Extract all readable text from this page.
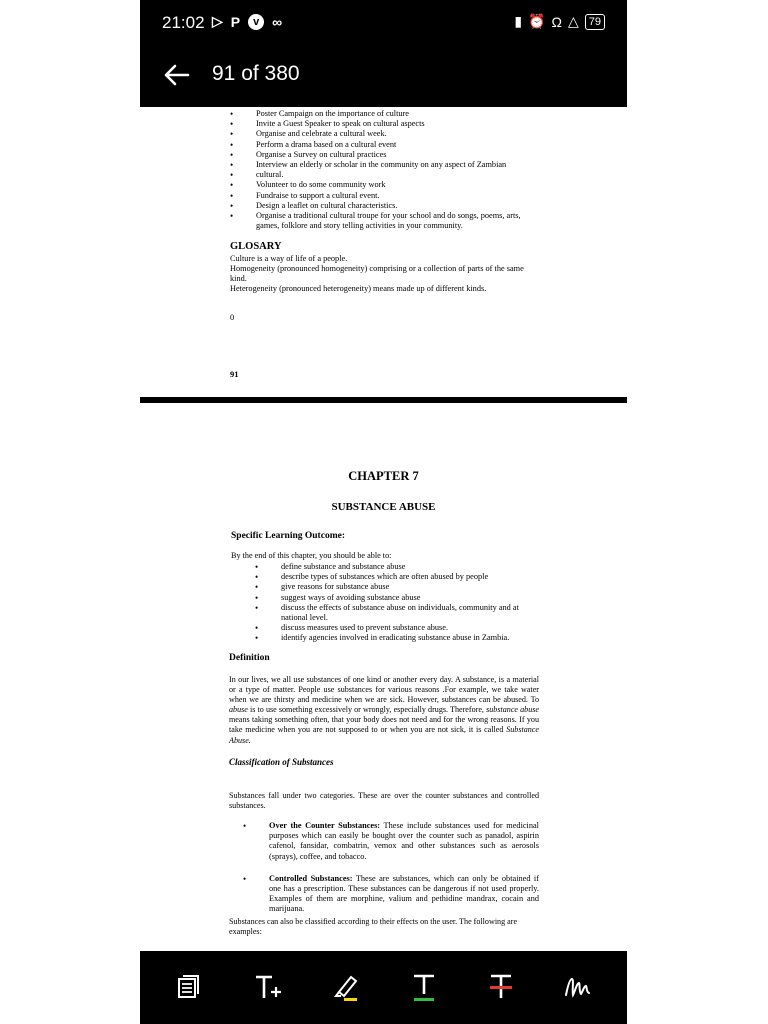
21:02 ▷ P	v ∞	▮ ⏰ Ω △ 79
91 of 380
• Poster Campaign on the importance of culture
• Invite a Guest Speaker to speak on cultural aspects
• Organise and celebrate a cultural week.
• Perform a drama based on a cultural event
• Organise a Survey on cultural practices
• Interview an elderly or scholar in the community on any aspect of Zambian
• cultural.
• Volunteer to do some community work
• Fundraise to support a cultural event.
• Design a leaflet on cultural characteristics.
• Organise a traditional cultural troupe for your school and do songs, poems, arts, games, folklore and story telling activities in your community.
GLOSARY
Culture is a way of life of a people.
Homogeneity (pronounced homogeneity) comprising or a collection of parts of the same kind.
Heterogeneity (pronounced heterogeneity) means made up of different kinds.
0
91
CHAPTER 7
SUBSTANCE ABUSE
Specific Learning Outcome:
By the end of this chapter, you should be able to:
• define substance and substance abuse
• describe types of substances which are often abused by people
• give reasons for substance abuse
• suggest ways of avoiding substance abuse
• discuss the effects of substance abuse on individuals, community and at national level.
• discuss measures used to prevent substance abuse.
• identify agencies involved in eradicating substance abuse in Zambia.
Definition
In our lives, we all use substances of one kind or another every day. A substance, is a material or a type of matter. People use substances for various reasons .For example, we take water when we are thirsty and medicine when we are sick. However, substances can be abused. To abuse is to use something excessively or wrongly, especially drugs. Therefore, substance abuse means taking something often, that your body does not need and for the wrong reasons. If you take medicine when you are not supposed to or when you are not sick, it is called Substance Abuse.
Classification of Substances
Substances fall under two categories. These are over the counter substances and controlled substances.
• Over the Counter Substances: These include substances used for medicinal purposes which can easily be bought over the counter such as panadol, aspirin cafenol, fansidar, combatrin, vemox and other substances such as aerosols (sprays), coffee, and tobacco.
• Controlled Substances: These are substances, which can only be obtained if one has a prescription. These substances can be dangerous if not used properly. Examples of them are morphine, valium and pethidine mandrax, cocain and marijuana.
Substances can also be classified according to their effects on the user. The following are examples:
